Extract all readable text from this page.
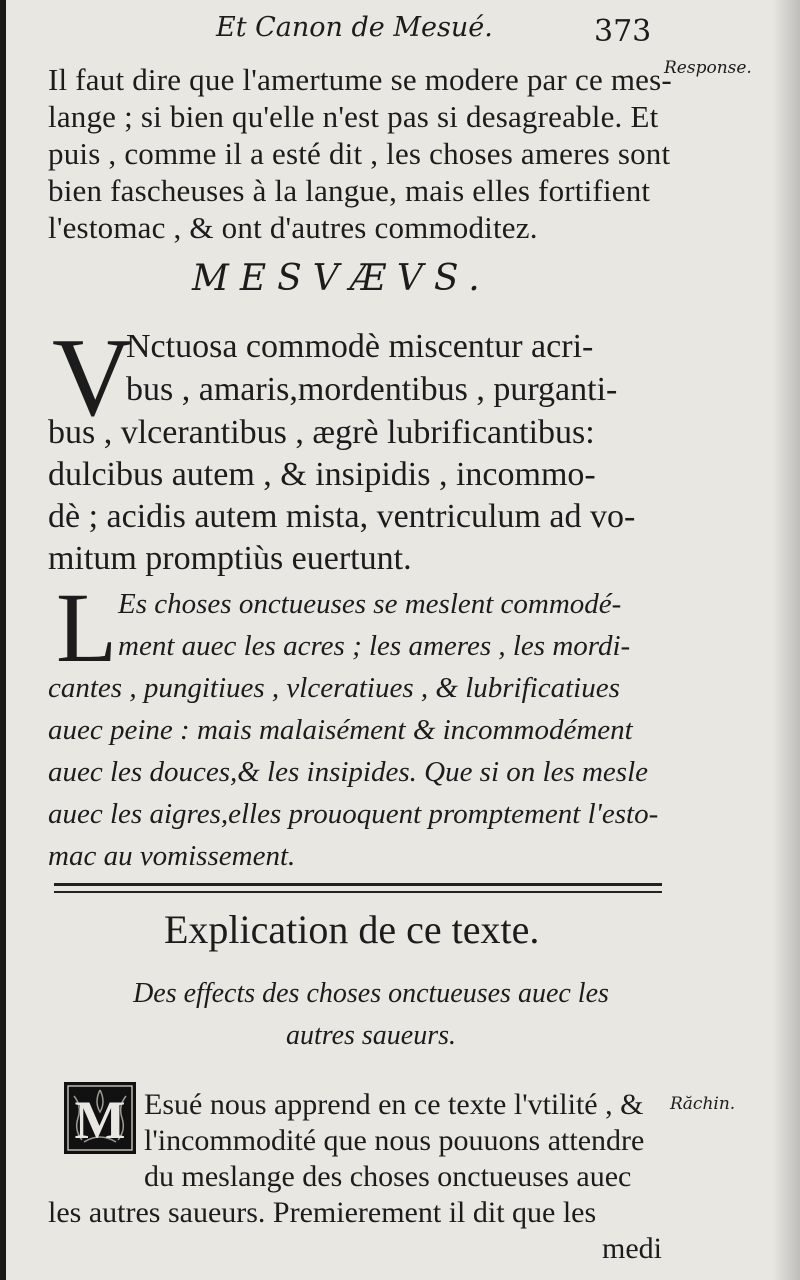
Et Canon de Mesué.	373
Response.
Il faut dire que l'amertume se modere par ce mes-
lange ; si bien qu'elle n'est pas si desagreable. Et
puis , comme il a esté dit , les choses ameres sont
bien fascheuses à la langue, mais elles fortifient
l'estomac , & ont d'autres commoditez.
MESVÆVS.
V
Nctuosa commodè miscentur acri-
bus , amaris,mordentibus , purganti-
bus , vlcerantibus , ægrè lubrificantibus:
dulcibus autem , & insipidis , incommo-
dè ; acidis autem mista, ventriculum ad vo-
mitum promptiùs euertunt.
L Es choses onctueuses se meslent commodé-
ment auec les acres ; les ameres , les mordi-
cantes , pungitiues , vlceratiues , & lubrificatiues
auec peine : mais malaisément & incommodément
auec les douces,& les insipides. Que si on les mesle
auec les aigres,elles prouoquent promptement l'esto-
mac au vomissement.
Explication de ce texte.
Des effects des choses onctueuses auec les
autres saueurs.
M	Răchin.
Esué nous apprend en ce texte l'vtilité , &
l'incommodité que nous pouuons attendre
du meslange des choses onctueuses auec
les autres saueurs. Premierement il dit que les
medi
